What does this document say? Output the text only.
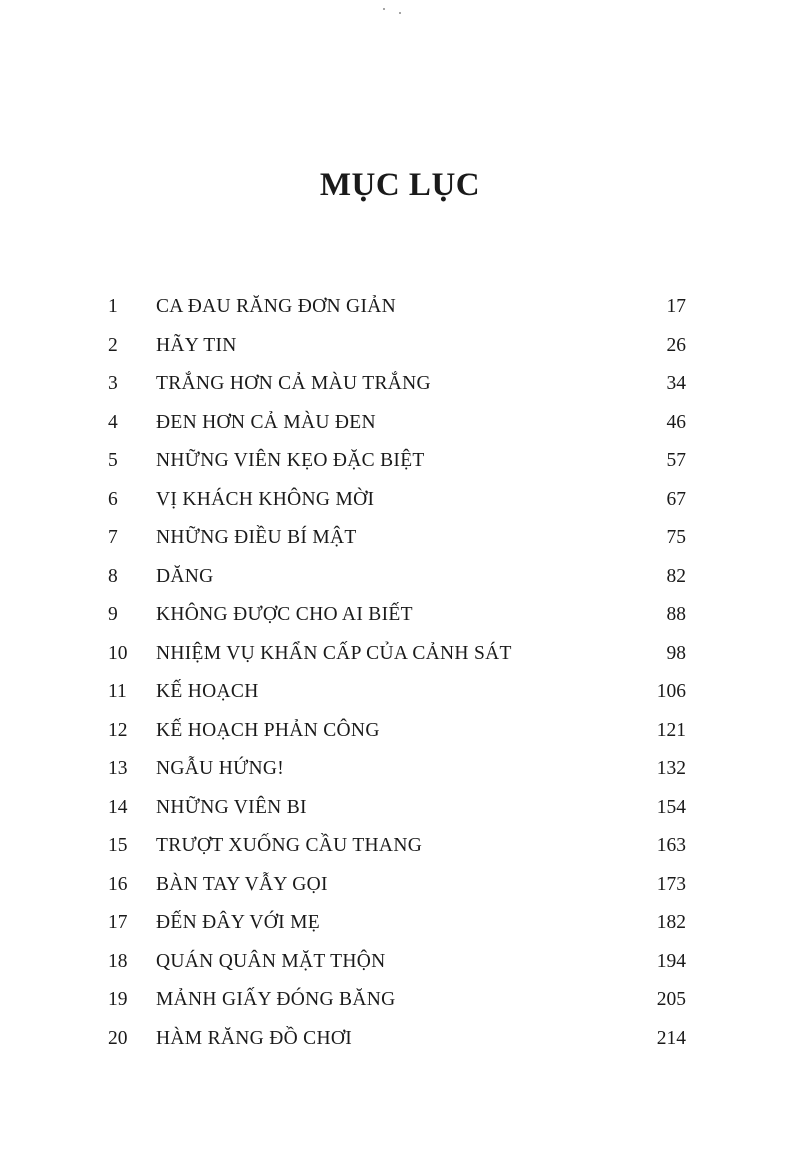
MỤC LỤC
1	CA ĐAU RĂNG ĐƠN GIẢN	17
2	HÃY TIN	26
3	TRẮNG HƠN CẢ MÀU TRẮNG	34
4	ĐEN HƠN CẢ MÀU ĐEN	46
5	NHỮNG VIÊN KẸO ĐẶC BIỆT	57
6	VỊ KHÁCH KHÔNG MỜI	67
7	NHỮNG ĐIỀU BÍ MẬT	75
8	DĂNG	82
9	KHÔNG ĐƯỢC CHO AI BIẾT	88
10	NHIỆM VỤ KHẨN CẤP CỦA CẢNH SÁT	98
11	KẾ HOẠCH	106
12	KẾ HOẠCH PHẢN CÔNG	121
13	NGẪU HỨNG!	132
14	NHỮNG VIÊN BI	154
15	TRƯỢT XUỐNG CẦU THANG	163
16	BÀN TAY VẪY GỌI	173
17	ĐẾN ĐÂY VỚI MẸ	182
18	QUÁN QUÂN MẶT THỘN	194
19	MẢNH GIẤY ĐÓNG BĂNG	205
20	HÀM RĂNG ĐỒ CHƠI	214
